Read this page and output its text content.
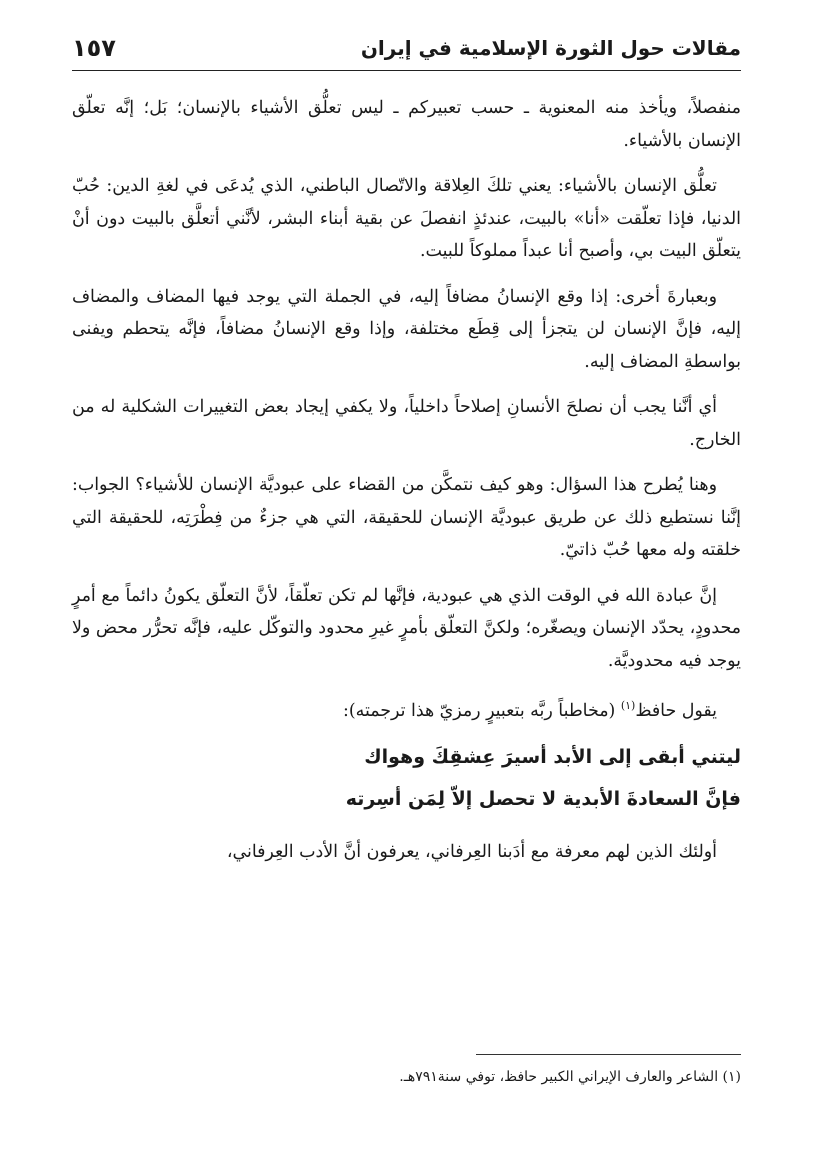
مقالات حول الثورة الإسلامية في إيران
١٥٧

منفصلاً، ويأخذ منه المعنوية ـ حسب تعبيركم ـ ليس تعلُّق الأشياء بالإنسان؛ بَل؛ إنَّه تعلّق الإنسان بالأشياء.

تعلُّق الإنسان بالأشياء: يعني تلكَ العِلاقة والاتّصال الباطني، الذي يُدعَى في لغةِ الدين: حُبّ الدنيا، فإذا تعلّقت «أنا» بالبيت، عندئذٍ انفصلَ عن بقية أبناء البشر، لأنَّني أتعلَّق بالبيت دون أنْ يتعلّق البيت بي، وأصبح أنا عبداً مملوكاً للبيت.

وبعبارةَ أخرى: إذا وقع الإنسانُ مضافاً إليه، في الجملة التي يوجد فيها المضاف والمضاف إليه، فإنَّ الإنسان لن يتجزأ إلى قِطَع مختلفة، وإذا وقع الإنسانُ مضافاً، فإنَّه يتحطم ويفنى بواسطةِ المضاف إليه.

أي أنَّنا يجب أن نصلحَ الأنسانِ إصلاحاً داخلياً، ولا يكفي إيجاد بعض التغييرات الشكلية له من الخارج.

وهنا يُطرح هذا السؤال: وهو كيف نتمكَّن من القضاء على عبوديَّة الإنسان للأشياء؟ الجواب: إنَّنا نستطيع ذلك عن طريق عبوديَّة الإنسان للحقيقة، التي هي جزءٌ من فِطْرَتِه، للحقيقة التي خلقته وله معها حُبّ ذاتيّ.

إنَّ عبادة الله في الوقت الذي هي عبودية، فإنَّها لم تكن تعلّقاً، لأنَّ التعلّق يكونُ دائماً مع أمرٍ محدودٍ، يحدّد الإنسان ويصغّره؛ ولكنَّ التعلّق بأمرٍ غيرِ محدود والتوكّل عليه، فإنَّه تحرُّر محض ولا يوجد فيه محدوديَّة.

يقول حافظ$^{(١)}$ (مخاطباً ربَّه بتعبيرٍ رمزيّ هذا ترجمته):

ليتني أبقى إلى الأبد أسيرَ عِشقِكَ وهواك

فإنَّ السعادةَ الأبدية لا تحصل إلاّ لِمَن أسِرته

أولئك الذين لهم معرفة مع أدَبنا العِرفاني، يعرفون أنَّ الأدب العِرفاني،

(١) الشاعر والعارف الإيراني الكبير حافظ، توفي سنة٧٩١هـ.
